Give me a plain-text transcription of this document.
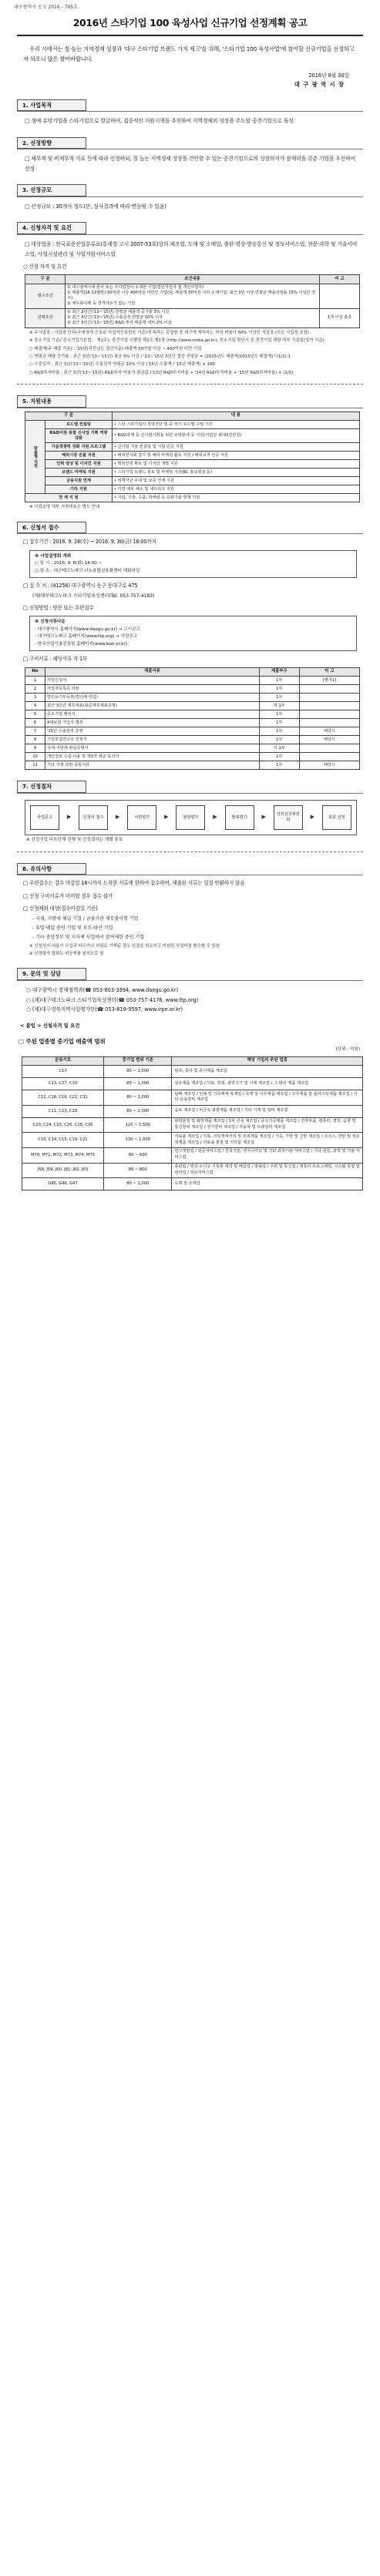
대구광역시 공고 2016 - 705호
2016년 스타기업 100 육성사업 신규기업 선정계획 공고

우리 시에서는 첨 높는 지역경제 성장과 '대구 스타기업 브랜드 가치 제고'를 위해, '스타기업 100 육성사업'에 참여할 신규기업을 선정하고자 하오니 많은 참여바랍니다.

2016년 8월 30일
대 구 광 역 시 장
1. 사업목적

□ 정예 유망기업을 스타기업으로 발굴하여, 집중적인 지원시책을 추진하여 지역경제의 성장을 주도할 중견기업으로 육성

2. 선정방향

□ 재무적 및 비재무적 지표 등에 따라 선정하되, 질 높는 지역경제 성장을 견인할 수 있는 중견기업으로의 성장의지가 잠재력을 갖춘 기업을 우선하여 선정

3. 선정규모

□ 선정규모 : 30개사 정도(단, 심사결과에 따라 변동될 수 있음)

4. 신청자격 및 요건

□ 대상업종 : 한국표준산업분류표(통계청 고시 2007-53호)상의 제조업, 도매 및 소매업, 출판·영상·방송통신 및 정보서비스업, 전문·과학 및 기술서비스업, 사업시설관리 및 사업지원서비스업

○ 신청 자격 및 요건

구 분	조건내용	비 고
필수조건	① 대구광역시에 본사 또는 주사업장이 소재한 기업(법인사업자 및 개인사업자)
② 매출액(16 12월말) 50억원 이상 400억원 미만인 기업(단, 매출액 50억원 이하 소재기업: 최근 3년 이상 연평균 매출성장률 15% 이상인 경우)
③ 채무불이행 등 결격사유가 없는 기업	
선택조건	① 최근 3년간('13~'15년) 연평균 매출액 증가율 5% 이상
② 최근 3년간('13~'15년) 수출실적 연평균 10% 이상
③ 최근 3년간('13~'15년) R&D 투자 매출액 대비 2% 이상	1개 이상 충족

※ 주사업장 : 사업장 단위(국세청에 등록된 사업자등록번호 기준)에 속하는 종업원 중 대구에 재직하는 자의 비율이 50% 이상인 사업장 (모든 사업장 포함)

※ 중소기업 기준(「중소기업기본법」 제2조): 중견기업 시행령 제2조 제1항 (http://www.smba.go.kr), 중소기업 확인서 중 중견기업 해당 여부 기준일(일자 기준)

○ 매출액(주 매출 기준) : '15년(직전년도 결산기준) 매출액 50억원 이상 ~ 400억원 미만 기업

○ 연평균 매출 증가율 : 최근 3년('13~'15년) 평균 5% 이상 / '13~'15년 3년간 결산 연평균 = (2015년도 매출액/2013년도 매출액)^(1/2)-1

○ 수출실적 : 최근 3년('13~'15년) 수출실적 연평균 10% 이상 ('15년 수출액 / '15년 매출액) × 100

○ R&D투자비율 : 최근 3년('13~'15년) R&D투자 비율의 평균값 ('13년 R&D투자비율 + '14년 R&D투자비율 + '15년 R&D투자비율) × (1/3)

5. 지원내용
구 분		내 용
맞춤형 지원	로드맵 컨설팅	• 스타 스타기업의 경영진단 및 중·장기 로드맵 수립 지원
	R&D지원 통합 신사업 기획 역량 강화	• R&D과제 등 신사업기획을 위한 유망분야 등 지원(기업당 최대3천만원)
	기술경쟁력 강화 지원 프로그램	• 신사업 기술 컨설팅 및 시험·인증 지원
	해외시장 진출 지원	• 해외전시회 참가 및 해외 마케팅 활동 지원 / 해외규격 인증 지원
	인력 양성 및 디자인 지원	• 핵심인력 확보 및 디자인 개발 지원
	브랜드 마케팅 지원	• 스타기업 브랜드 홍보 및 마케팅 지원(BI, 홍보영상 등)
	금융지원 연계	• 정책자금 우대 및 보증 연계 지원
	기타 지원	• 기업 애로 해소 및 네트워크 지원
연 계 지 원		• 기업, 기술, 수출, 마케팅 등 유관기관 연계 지원

※ 사업운영 세부 지원내용은 별도 안내

6. 신청서 접수

□ 접수기간 : 2016. 9. 28(수) ~ 2016. 9. 30(금) 18:00까지

※ 사업설명회 개최
○ 일 시 : 2016. 9. 6(화) 14:00 ~
○ 장 소 : 대구테크노파크 나노융합실용화센터 대회의실

□ 접 수 처 : (41256) 대구광역시 동구 동대구로 475

(재)대구테크노파크 스타기업육성센터(Tel. 053-757-4183)

□ 신청방법 : 방문 또는 우편접수

※ 신청서류다운
- 대구광역시 홈페이지(www.daegu.go.kr) → 고시공고
- 대구테크노파크 홈페이지(www.ttp.org) → 사업공고
- 한국산업기술진흥원 홈페이지(www.kiat.or.kr)

□ 구비서류 : 해당서류 각 1부

No	제출서류	제출부수	비 고
1	사업신청서	1부	[별지1]
2	사업자등록증 사본	1부	
3	법인등기부등본(법인에 한함)	1부	
4	최근 3년간 재무제표(표준재무제표증명)	각 1부	
5	중소기업 확인서	1부	
6	4대보험 가입자 명부	1부	
7	'15년 수출실적 증명	1부	해당시
8	기업부설연구소 인정서	1부	해당시
9	국세·지방세 완납증명서	각 1부	
10	개인정보 수집·이용 및 제3자 제공 동의서	1부	
11	기타 가점 관련 증빙서류	1부	해당시
7. 선정절차
사업공고	▶	신청서 접수	▶	서면평가	▶	현장평가	▶	발표평가	▶	선정심의위원회	▶	최종 선정

※ 선정기업 다음단계 진행 및 선정결과는 개별 통보

8. 유의사항

□ 우편접수는 접수 마감일 18시까지 도착한 서류에 한하여 접수하며, 제출된 서류는 일절 반환하지 않음

□ 신청 구비서류가 미비할 경우 접수 불가

□ 신청제외 대상(접수마감일 기준)

- 국세, 지방세 체납 기업 / 금융기관 채무불이행 기업

- 휴업·폐업 중인 기업 및 부도·파산 기업

- 기타 중앙정부 및 지자체 사업에서 참여제한 중인 기업

※ 신청서의 내용이 사실과 다르거나 허위로 기재된 경우 선정을 취소하고 지원된 사업비를 환수할 수 있음

※ 선정평가 결과는 비공개를 원칙으로 함

9. 문의 및 상담
○ 대구광역시 경제정책과(☎ 053-803-3394, www.daegu.go.kr)
○ (재)대구테크노파크 스타기업육성센터(☎ 053-757-4176, www.ttp.org)
○ (재)대구경북지역사업평가단(☎ 053-819-9597, www.irpe.or.kr)
< 붙임 > 신청자격 및 요건
□ 주된 업종별 중기업 매출액 범위
(단위 : 억원)
분류기호	중기업 범위 기준	해당 기업의 주된 업종
C17	80 ~ 1,500	펄프, 종이 및 종이제품 제조업
C13, C27, C33	80 ~ 1,000	섬유제품 제조업 / 의료, 정밀, 광학기기 및 시계 제조업 / 그 밖의 제품 제조업
C12, C18, C16, C22, C31	80 ~ 1,000	담배 제조업 / 인쇄 및 기록매체 복제업 / 목재 및 나무제품 제조업 / 고무제품 및 플라스틱제품 제조업 / 기타 운송장비 제조업
C11, C23, C29	80 ~ 1,000	음료 제조업 / 비금속 광물제품 제조업 / 기타 기계 및 장비 제조업
C20, C24, C25, C26, C28, C30	120 ~ 1,500	화학물질 및 화학제품 제조업 / 1차 금속 제조업 / 금속가공제품 제조업 / 전자부품, 컴퓨터, 영상, 음향 및 통신장비 제조업 / 전기장비 제조업 / 자동차 및 트레일러 제조업
C10, C14, C15, C19, C21	120 ~ 1,000	식료품 제조업 / 의복, 의복액세서리 및 모피제품 제조업 / 가죽, 가방 및 신발 제조업 / 코크스, 연탄 및 석유정제품 제조업 / 의료용 물질 및 의약품 제조업
M70, M71, M72, M73, M74, M75	80 ~ 600	연구개발업 / 전문서비스업 / 건축기술, 엔지니어링 및 기타 과학기술 서비스업 / 기타 전문, 과학 및 기술 서비스업
J58, J59, J60, J61, J62, J63	80 ~ 800	출판업 / 영상·오디오 기록물 제작 및 배급업 / 방송업 / 우편 및 통신업 / 컴퓨터 프로그래밍, 시스템 통합 및 관리업 / 정보서비스업
G45, G46, G47	80 ~ 1,000	도매 및 소매업
